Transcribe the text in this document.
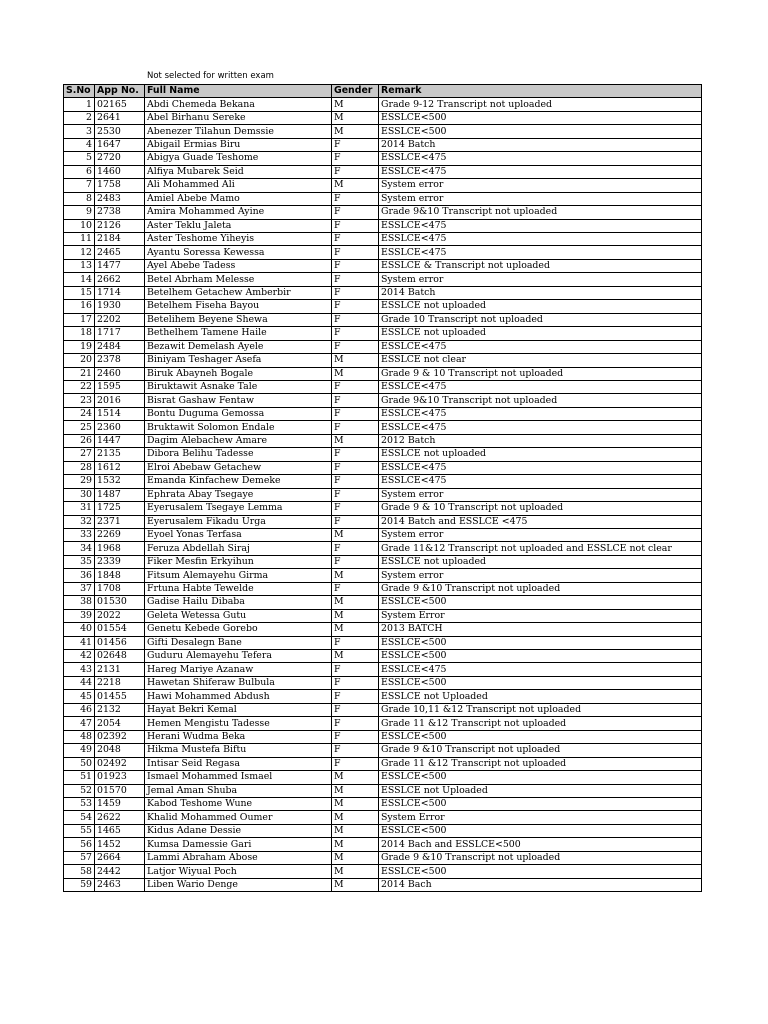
Not selected for written exam
S.No	App No.	Full Name	Gender	Remark
1	02165	Abdi Chemeda Bekana	M	Grade 9-12 Transcript not uploaded
2	2641	Abel Birhanu Sereke	M	ESSLCE<500
3	2530	Abenezer Tilahun Demssie	M	ESSLCE<500
4	1647	Abigail Ermias Biru	F	2014 Batch
5	2720	Abigya Guade Teshome	F	ESSLCE<475
6	1460	Alfiya Mubarek Seid	F	ESSLCE<475
7	1758	Ali Mohammed Ali	M	System error
8	2483	Amiel Abebe Mamo	F	System error
9	2738	Amira Mohammed Ayine	F	Grade 9&10 Transcript not uploaded
10	2126	Aster Teklu Jaleta	F	ESSLCE<475
11	2184	Aster Teshome Yiheyis	F	ESSLCE<475
12	2465	Ayantu Soressa Kewessa	F	ESSLCE<475
13	1477	Ayel Abebe Tadess	F	ESSLCE & Transcript not uploaded
14	2662	Betel Abrham Melesse	F	System error
15	1714	Betelhem Getachew Amberbir	F	2014 Batch
16	1930	Betelhem Fiseha Bayou	F	ESSLCE not uploaded
17	2202	Betelihem Beyene Shewa	F	Grade 10 Transcript not uploaded
18	1717	Bethelhem Tamene Haile	F	ESSLCE not uploaded
19	2484	Bezawit Demelash Ayele	F	ESSLCE<475
20	2378	Biniyam Teshager Asefa	M	ESSLCE not clear
21	2460	Biruk Abayneh Bogale	M	Grade 9 & 10 Transcript not uploaded
22	1595	Biruktawit Asnake Tale	F	ESSLCE<475
23	2016	Bisrat Gashaw Fentaw	F	Grade 9&10 Transcript not uploaded
24	1514	Bontu Duguma Gemossa	F	ESSLCE<475
25	2360	Bruktawit Solomon Endale	F	ESSLCE<475
26	1447	Dagim Alebachew Amare	M	2012 Batch
27	2135	Dibora Belihu Tadesse	F	ESSLCE not uploaded
28	1612	Elroi Abebaw Getachew	F	ESSLCE<475
29	1532	Emanda Kinfachew Demeke	F	ESSLCE<475
30	1487	Ephrata Abay Tsegaye	F	System error
31	1725	Eyerusalem Tsegaye Lemma	F	Grade 9 & 10 Transcript not uploaded
32	2371	Eyerusalem Fikadu Urga	F	2014 Batch and ESSLCE <475
33	2269	Eyoel Yonas Terfasa	M	System error
34	1968	Feruza Abdellah Siraj	F	Grade 11&12 Transcript not uploaded and ESSLCE not clear
35	2339	Fiker Mesfin Erkyihun	F	ESSLCE not uploaded
36	1848	Fitsum Alemayehu Girma	M	System error
37	1708	Frtuna Habte Tewelde	F	Grade 9 &10 Transcript not uploaded
38	01530	Gadise Hailu Dibaba	M	ESSLCE<500
39	2022	Geleta Wetessa Gutu	M	System Error
40	01554	Genetu Kebede Gorebo	M	2013 BATCH
41	01456	Gifti Desalegn Bane	F	ESSLCE<500
42	02648	Guduru Alemayehu Tefera	M	ESSLCE<500
43	2131	Hareg Mariye Azanaw	F	ESSLCE<475
44	2218	Hawetan Shiferaw Bulbula	F	ESSLCE<500
45	01455	Hawi Mohammed Abdush	F	ESSLCE not Uploaded
46	2132	Hayat Bekri Kemal	F	Grade 10,11 &12 Transcript not uploaded
47	2054	Hemen Mengistu Tadesse	F	Grade 11 &12 Transcript not uploaded
48	02392	Herani Wudma Beka	F	ESSLCE<500
49	2048	Hikma Mustefa Biftu	F	Grade 9 &10 Transcript not uploaded
50	02492	Intisar Seid Regasa	F	Grade 11 &12 Transcript not uploaded
51	01923	Ismael Mohammed Ismael	M	ESSLCE<500
52	01570	Jemal Aman Shuba	M	ESSLCE not Uploaded
53	1459	Kabod Teshome Wune	M	ESSLCE<500
54	2622	Khalid Mohammed Oumer	M	System Error
55	1465	Kidus Adane Dessie	M	ESSLCE<500
56	1452	Kumsa Damessie Gari	M	2014 Bach and ESSLCE<500
57	2664	Lammi Abraham Abose	M	Grade 9 &10 Transcript not uploaded
58	2442	Latjor Wiyual Poch	M	ESSLCE<500
59	2463	Liben Wario Denge	M	2014 Bach
